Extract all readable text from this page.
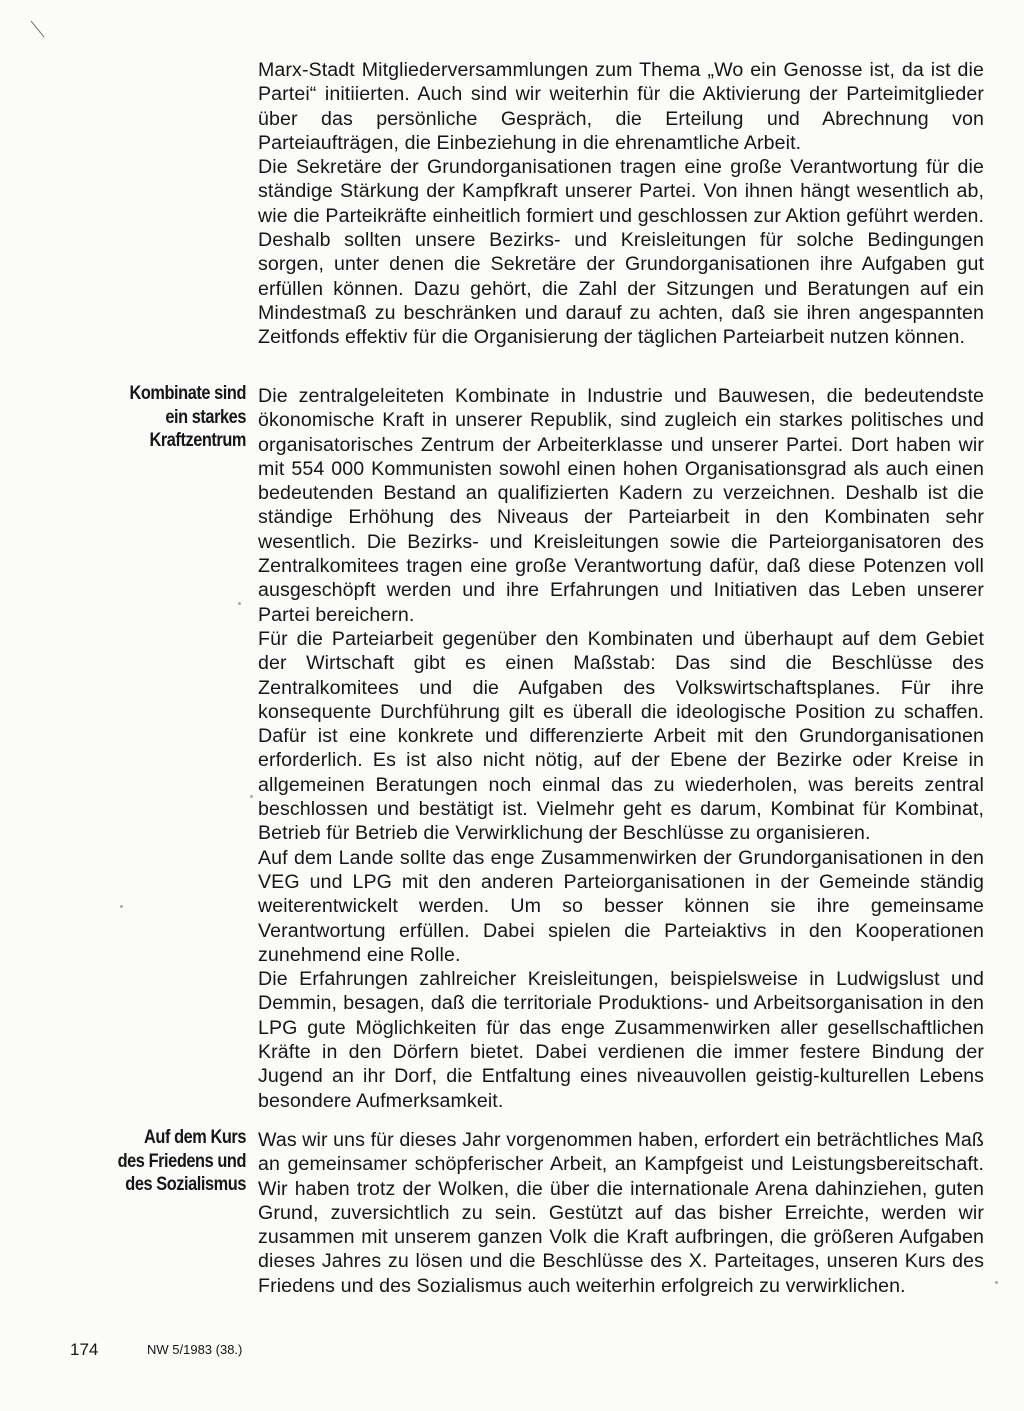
Marx-Stadt Mitgliederversammlungen zum Thema „Wo ein Genosse ist, da ist die Partei“ initiierten. Auch sind wir weiterhin für die Aktivierung der Parteimitglieder über das persönliche Gespräch, die Erteilung und Abrechnung von Parteiaufträgen, die Einbeziehung in die ehrenamtliche Arbeit.

Die Sekretäre der Grundorganisationen tragen eine große Verantwortung für die ständige Stärkung der Kampfkraft unserer Partei. Von ihnen hängt wesentlich ab, wie die Parteikräfte einheitlich formiert und geschlossen zur Aktion geführt werden. Deshalb sollten unsere Bezirks- und Kreisleitungen für solche Bedingungen sorgen, unter denen die Sekretäre der Grundorganisationen ihre Aufgaben gut erfüllen können. Dazu gehört, die Zahl der Sitzungen und Beratungen auf ein Mindestmaß zu beschränken und darauf zu achten, daß sie ihren angespannten Zeitfonds effektiv für die Organisierung der täglichen Parteiarbeit nutzen können.

Kombinate sind
ein starkes
Kraftzentrum

Die zentralgeleiteten Kombinate in Industrie und Bauwesen, die bedeutendste ökonomische Kraft in unserer Republik, sind zugleich ein starkes politisches und organisatorisches Zentrum der Arbeiterklasse und unserer Partei. Dort haben wir mit 554 000 Kommunisten sowohl einen hohen Organisationsgrad als auch einen bedeutenden Bestand an qualifizierten Kadern zu verzeichnen. Deshalb ist die ständige Erhöhung des Niveaus der Parteiarbeit in den Kombinaten sehr wesentlich. Die Bezirks- und Kreisleitungen sowie die Parteiorganisatoren des Zentralkomitees tragen eine große Verantwortung dafür, daß diese Potenzen voll ausgeschöpft werden und ihre Erfahrungen und Initiativen das Leben unserer Partei bereichern.

Für die Parteiarbeit gegenüber den Kombinaten und überhaupt auf dem Gebiet der Wirtschaft gibt es einen Maßstab: Das sind die Beschlüsse des Zentralkomitees und die Aufgaben des Volkswirtschaftsplanes. Für ihre konsequente Durchführung gilt es überall die ideologische Position zu schaffen. Dafür ist eine konkrete und differenzierte Arbeit mit den Grundorganisationen erforderlich. Es ist also nicht nötig, auf der Ebene der Bezirke oder Kreise in allgemeinen Beratungen noch einmal das zu wiederholen, was bereits zentral beschlossen und bestätigt ist. Vielmehr geht es darum, Kombinat für Kombinat, Betrieb für Betrieb die Verwirklichung der Beschlüsse zu organisieren.

Auf dem Lande sollte das enge Zusammenwirken der Grundorganisationen in den VEG und LPG mit den anderen Parteiorganisationen in der Gemeinde ständig weiterentwickelt werden. Um so besser können sie ihre gemeinsame Verantwortung erfüllen. Dabei spielen die Parteiaktivs in den Kooperationen zunehmend eine Rolle.

Die Erfahrungen zahlreicher Kreisleitungen, beispielsweise in Ludwigslust und Demmin, besagen, daß die territoriale Produktions- und Arbeitsorganisation in den LPG gute Möglichkeiten für das enge Zusammenwirken aller gesellschaftlichen Kräfte in den Dörfern bietet. Dabei verdienen die immer festere Bindung der Jugend an ihr Dorf, die Entfaltung eines niveauvollen geistig-kulturellen Lebens besondere Aufmerksamkeit.

Auf dem Kurs
des Friedens und
des Sozialismus

Was wir uns für dieses Jahr vorgenommen haben, erfordert ein beträchtliches Maß an gemeinsamer schöpferischer Arbeit, an Kampfgeist und Leistungsbereitschaft. Wir haben trotz der Wolken, die über die internationale Arena dahinziehen, guten Grund, zuversichtlich zu sein. Gestützt auf das bisher Erreichte, werden wir zusammen mit unserem ganzen Volk die Kraft aufbringen, die größeren Aufgaben dieses Jahres zu lösen und die Beschlüsse des X. Parteitages, unseren Kurs des Friedens und des Sozialismus auch weiterhin erfolgreich zu verwirklichen.

174	NW 5/1983 (38.)
